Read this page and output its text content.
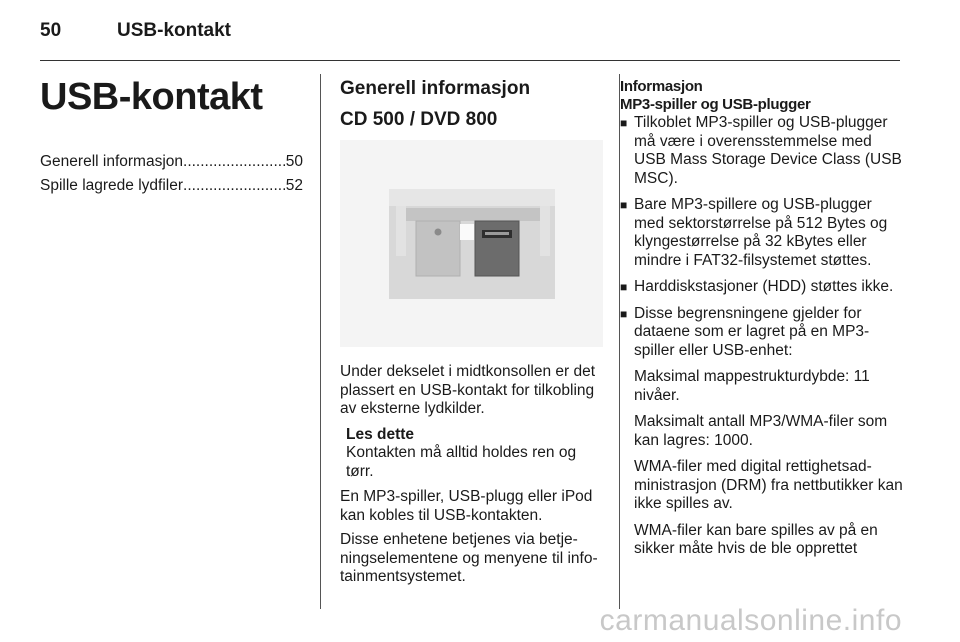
50	USB-kontakt
USB-kontakt
Generell informasjon .....	50
Spille lagrede lydfiler .....	52
Generell informasjon
CD 500 / DVD 800
Under dekselet i midtkonsollen er det plassert en USB-kontakt for tilkobling av eksterne lydkilder.
Les dette
Kontakten må alltid holdes ren og tørr.
En MP3-spiller, USB-plugg eller iPod kan kobles til USB-kontakten.
Disse enhetene betjenes via betjeningselementene og menyene til infotainmentsystemet.
Informasjon
MP3-spiller og USB-plugger
■ Tilkoblet MP3-spiller og USB-plugger må være i overensstemmelse med USB Mass Storage Device Class (USB MSC).
■ Bare MP3-spillere og USB-plugger med sektorstørrelse på 512 Bytes og klyngestørrelse på 32 kBytes eller mindre i FAT32-filsystemet støttes.
■ Harddiskstasjoner (HDD) støttes ikke.
■ Disse begrensningene gjelder for dataene som er lagret på en MP3-spiller eller USB-enhet:
Maksimal mappestrukturdybde: 11 nivåer.
Maksimalt antall MP3/WMA-filer som kan lagres: 1000.
WMA-filer med digital rettighetsadministrasjon (DRM) fra nettbutikker kan ikke spilles av.
WMA-filer kan bare spilles av på en sikker måte hvis de ble opprettet
carmanualsonline.info
